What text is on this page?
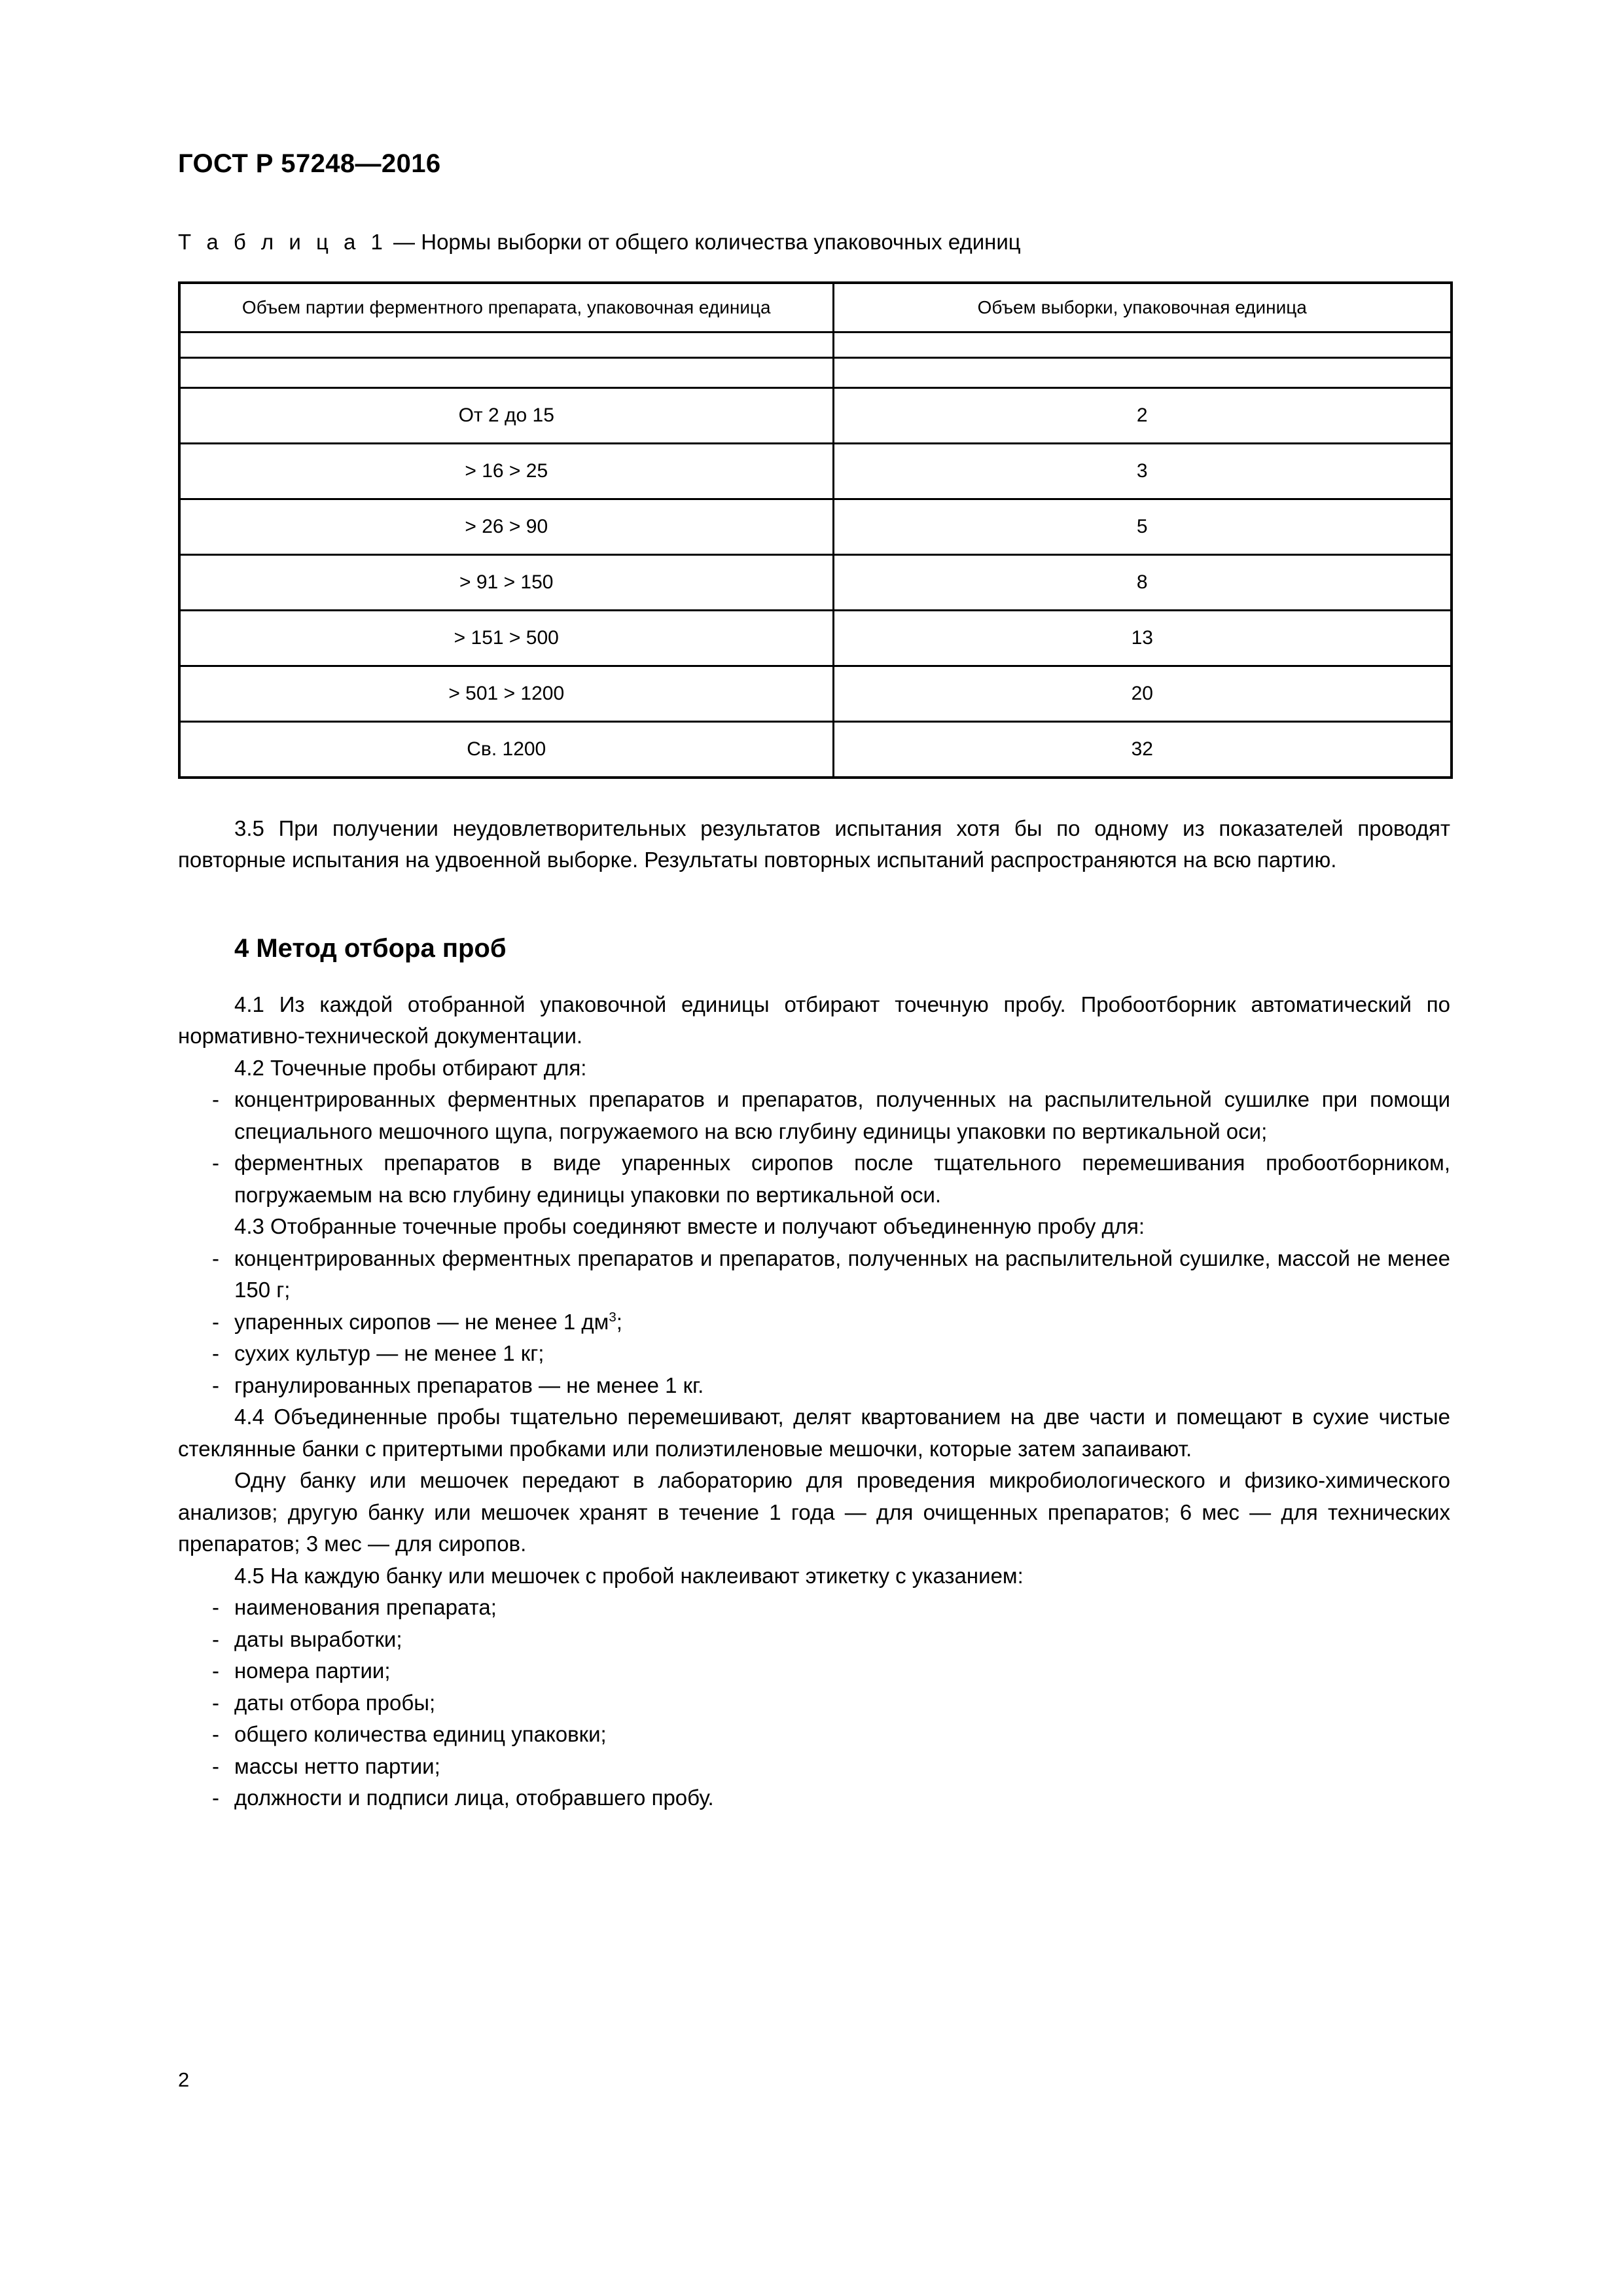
ГОСТ Р 57248—2016
Т а б л и ц а 1 — Нормы выборки от общего количества упаковочных единиц
Объем партии ферментного препарата, упаковочная единица	Объем выборки, упаковочная единица

От 2 до 15	2
> 16 > 25	3
> 26 > 90	5
> 91 > 150	8
> 151 > 500	13
> 501 > 1200	20
Св. 1200	32

3.5 При получении неудовлетворительных результатов испытания хотя бы по одному из показателей проводят повторные испытания на удвоенной выборке. Результаты повторных испытаний распространяются на всю партию.

4 Метод отбора проб

4.1 Из каждой отобранной упаковочной единицы отбирают точечную пробу. Пробоотборник автоматический по нормативно-технической документации.

4.2 Точечные пробы отбирают для:

- концентрированных ферментных препаратов и препаратов, полученных на распылительной сушилке при помощи специального мешочного щупа, погружаемого на всю глубину единицы упаковки по вертикальной оси;
- ферментных препаратов в виде упаренных сиропов после тщательного перемешивания пробоотборником, погружаемым на всю глубину единицы упаковки по вертикальной оси.

4.3 Отобранные точечные пробы соединяют вместе и получают объединенную пробу для:

- концентрированных ферментных препаратов и препаратов, полученных на распылительной сушилке, массой не менее 150 г;
- упаренных сиропов — не менее 1 $дм^3$;
- сухих культур — не менее 1 кг;
- гранулированных препаратов — не менее 1 кг.

4.4 Объединенные пробы тщательно перемешивают, делят квартованием на две части и помещают в сухие чистые стеклянные банки с притертыми пробками или полиэтиленовые мешочки, которые затем запаивают.

Одну банку или мешочек передают в лабораторию для проведения микробиологического и физико-химического анализов; другую банку или мешочек хранят в течение 1 года — для очищенных препаратов; 6 мес — для технических препаратов; 3 мес — для сиропов.

4.5 На каждую банку или мешочек с пробой наклеивают этикетку с указанием:

- наименования препарата;
- даты выработки;
- номера партии;
- даты отбора пробы;
- общего количества единиц упаковки;
- массы нетто партии;
- должности и подписи лица, отобравшего пробу.
2
